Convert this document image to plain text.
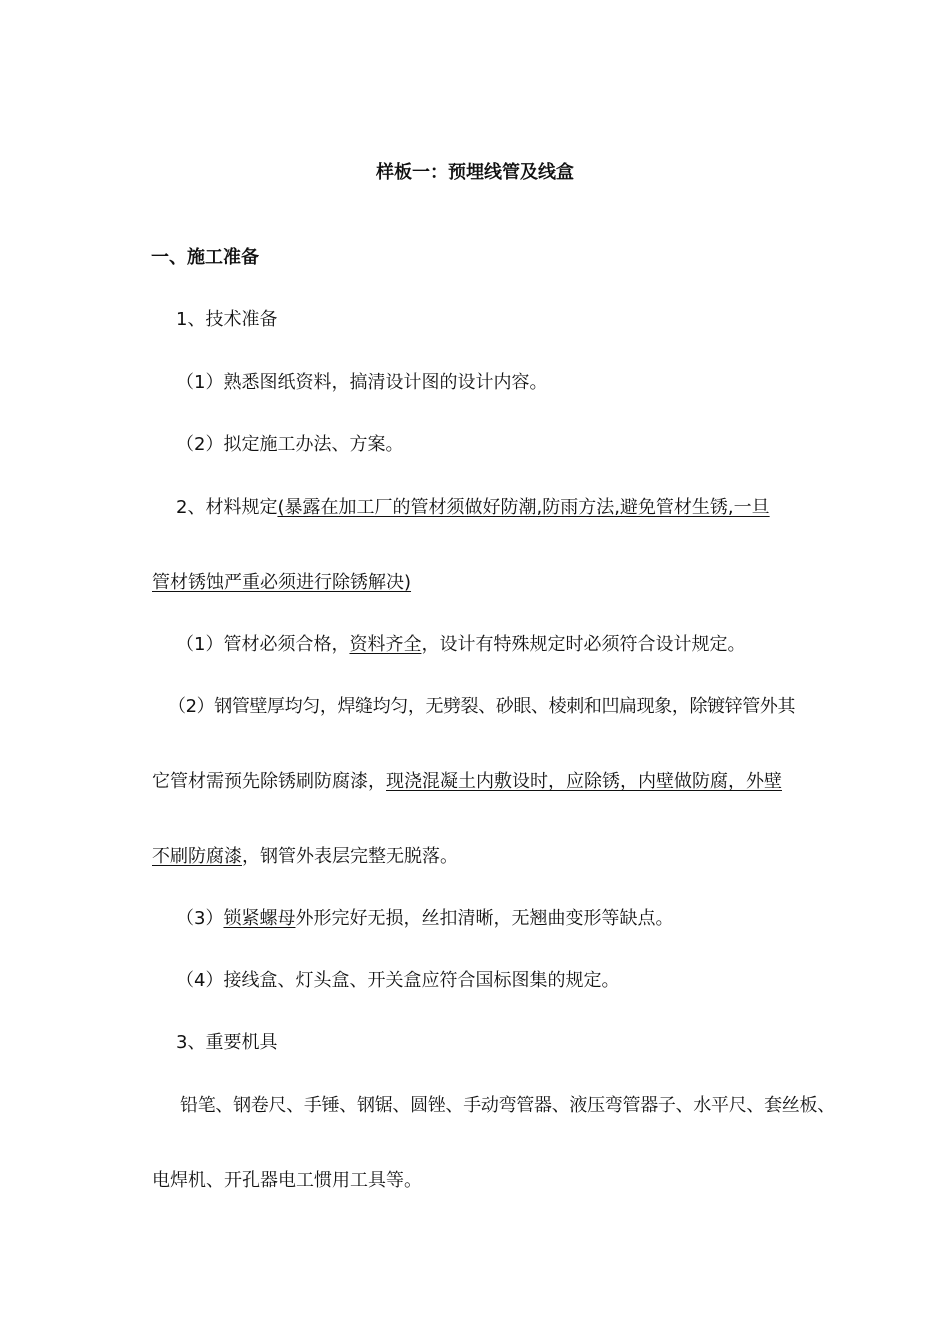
样板一：预埋线管及线盒
一、施工准备
1、技术准备
（1）熟悉图纸资料，搞清设计图的设计内容。
（2）拟定施工办法、方案。
2、材料规定(暴露在加工厂的管材须做好防潮,防雨方法,避免管材生锈,一旦
管材锈蚀严重必须进行除锈解决)
（1）管材必须合格，资料齐全，设计有特殊规定时必须符合设计规定。
（2）钢管壁厚均匀，焊缝均匀，无劈裂、砂眼、棱刺和凹扁现象，除镀锌管外其
它管材需预先除锈刷防腐漆，现浇混凝土内敷设时，应除锈，内壁做防腐，外壁
不刷防腐漆，钢管外表层完整无脱落。
（3）锁紧螺母外形完好无损，丝扣清晰，无翘曲变形等缺点。
（4）接线盒、灯头盒、开关盒应符合国标图集的规定。
3、重要机具
铅笔、钢卷尺、手锤、钢锯、圆锉、手动弯管器、液压弯管器子、水平尺、套丝板、
电焊机、开孔器电工惯用工具等。
